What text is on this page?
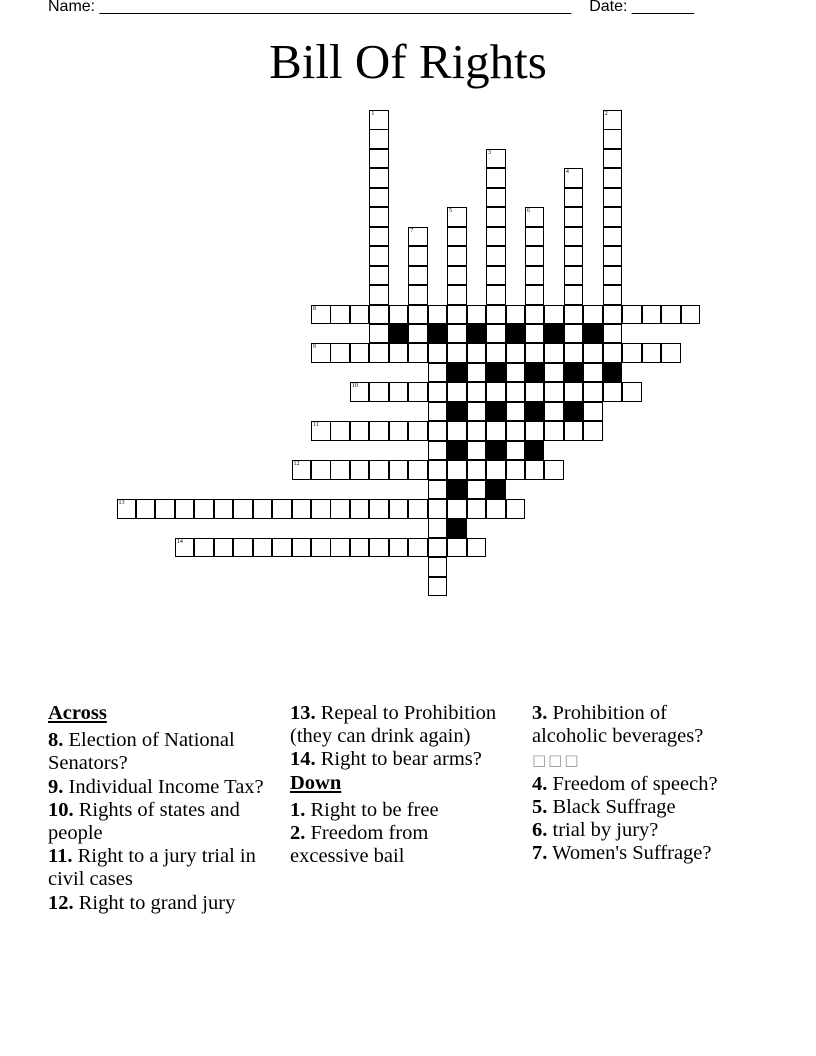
Name: _____________________________________________________ Date: _______
Bill Of Rights
1	2
3
4
5	6
7
8
9
10
11
12
13
14
Across
8. Election of National Senators?
9. Individual Income Tax?
10. Rights of states and people
11. Right to a jury trial in civil cases
12. Right to grand jury
13. Repeal to Prohibition (they can drink again)
14. Right to bear arms?
Down
1. Right to be free
2. Freedom from excessive bail
3. Prohibition of alcoholic beverages?
□□□
4. Freedom of speech?
5. Black Suffrage
6. trial by jury?
7. Women's Suffrage?
